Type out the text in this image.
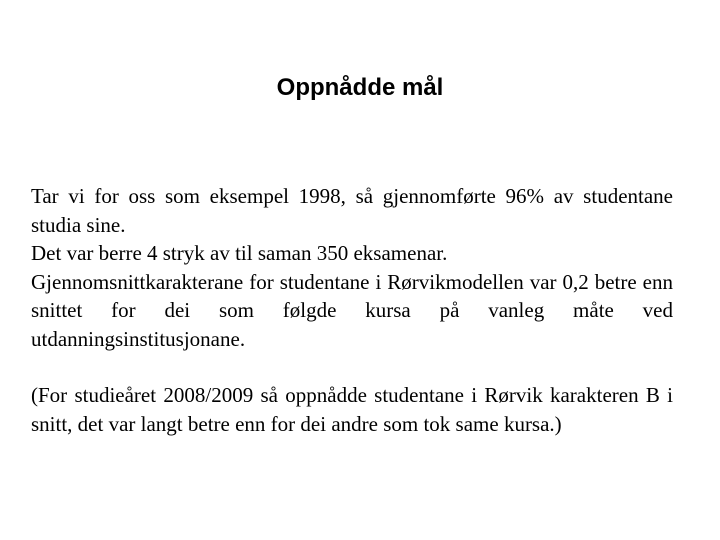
Oppnådde mål

Tar vi for oss som eksempel 1998, så gjennomførte 96% av studentane studia sine.

Det var berre 4 stryk av til saman 350 eksamenar.

Gjennomsnittkarakterane for studentane i Rørvikmodellen var 0,2 betre enn snittet for dei som følgde kursa på vanleg måte ved utdanningsinstitusjonane.

(For studieåret 2008/2009 så oppnådde studentane i Rørvik karakteren B i snitt, det var langt betre enn for dei andre som tok same kursa.)
